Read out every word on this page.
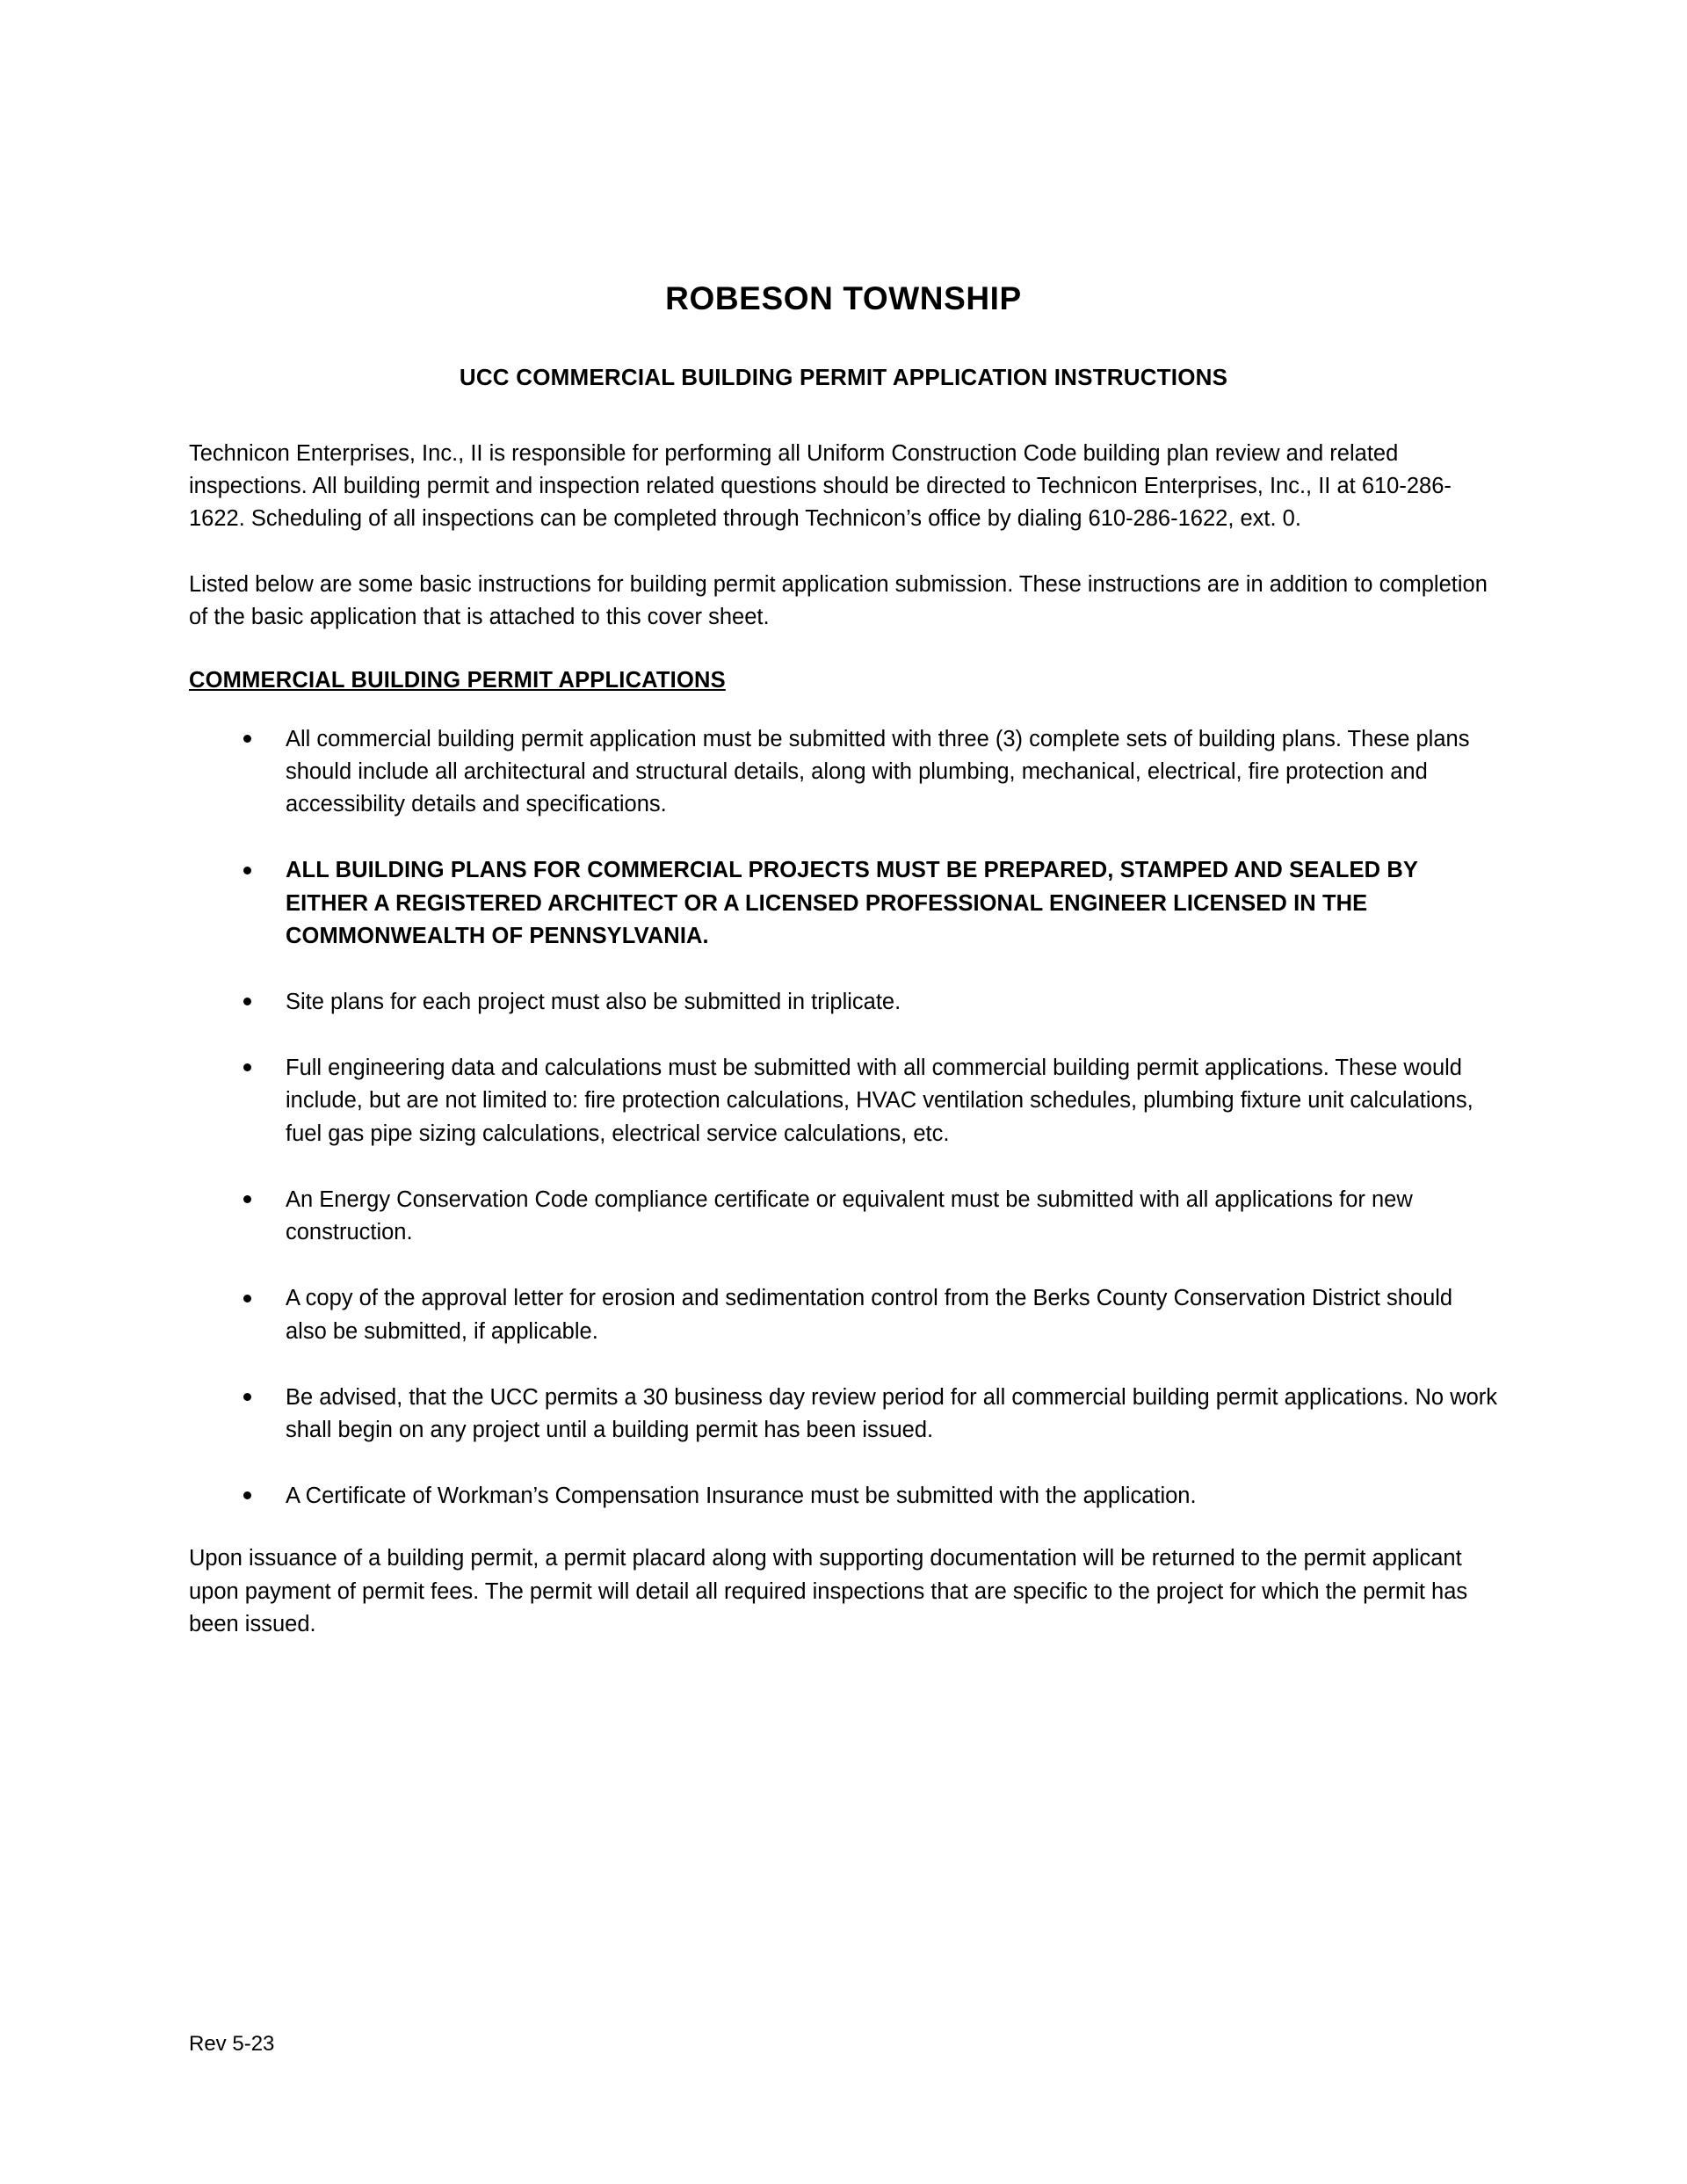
ROBESON TOWNSHIP
UCC COMMERCIAL BUILDING PERMIT APPLICATION INSTRUCTIONS

Technicon Enterprises, Inc., II is responsible for performing all Uniform Construction Code building plan review and related inspections. All building permit and inspection related questions should be directed to Technicon Enterprises, Inc., II at 610-286-1622. Scheduling of all inspections can be completed through Technicon’s office by dialing 610-286-1622, ext. 0.

Listed below are some basic instructions for building permit application submission. These instructions are in addition to completion of the basic application that is attached to this cover sheet.

COMMERCIAL BUILDING PERMIT APPLICATIONS
All commercial building permit application must be submitted with three (3) complete sets of building plans. These plans should include all architectural and structural details, along with plumbing, mechanical, electrical, fire protection and accessibility details and specifications.
ALL BUILDING PLANS FOR COMMERCIAL PROJECTS MUST BE PREPARED, STAMPED AND SEALED BY EITHER A REGISTERED ARCHITECT OR A LICENSED PROFESSIONAL ENGINEER LICENSED IN THE COMMONWEALTH OF PENNSYLVANIA.
Site plans for each project must also be submitted in triplicate.
Full engineering data and calculations must be submitted with all commercial building permit applications. These would include, but are not limited to: fire protection calculations, HVAC ventilation schedules, plumbing fixture unit calculations, fuel gas pipe sizing calculations, electrical service calculations, etc.
An Energy Conservation Code compliance certificate or equivalent must be submitted with all applications for new construction.
A copy of the approval letter for erosion and sedimentation control from the Berks County Conservation District should also be submitted, if applicable.
Be advised, that the UCC permits a 30 business day review period for all commercial building permit applications. No work shall begin on any project until a building permit has been issued.
A Certificate of Workman’s Compensation Insurance must be submitted with the application.

Upon issuance of a building permit, a permit placard along with supporting documentation will be returned to the permit applicant upon payment of permit fees. The permit will detail all required inspections that are specific to the project for which the permit has been issued.

Rev 5-23
